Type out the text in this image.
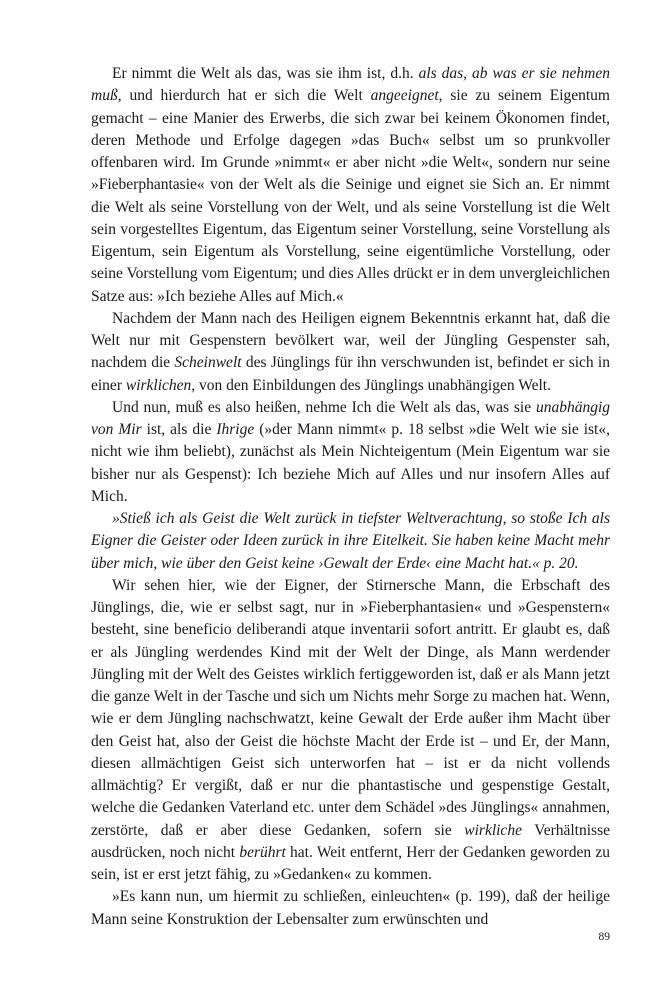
Er nimmt die Welt als das, was sie ihm ist, d.h. als das, ab was er sie nehmen muß, und hierdurch hat er sich die Welt angeeignet, sie zu seinem Eigentum gemacht – eine Manier des Erwerbs, die sich zwar bei keinem Ökonomen findet, deren Methode und Erfolge dagegen »das Buch« selbst um so prunkvoller offenbaren wird. Im Grunde »nimmt« er aber nicht »die Welt«, sondern nur seine »Fieberphantasie« von der Welt als die Seinige und eignet sie Sich an. Er nimmt die Welt als seine Vorstellung von der Welt, und als seine Vorstellung ist die Welt sein vorgestelltes Eigentum, das Eigentum seiner Vorstellung, seine Vorstellung als Eigentum, sein Eigentum als Vorstellung, seine eigentümliche Vorstellung, oder seine Vorstellung vom Eigentum; und dies Alles drückt er in dem unvergleichlichen Satze aus: »Ich beziehe Alles auf Mich.«

Nachdem der Mann nach des Heiligen eignem Bekenntnis erkannt hat, daß die Welt nur mit Gespenstern bevölkert war, weil der Jüngling Gespenster sah, nachdem die Scheinwelt des Jünglings für ihn verschwunden ist, befindet er sich in einer wirklichen, von den Einbildungen des Jünglings unabhängigen Welt.

Und nun, muß es also heißen, nehme Ich die Welt als das, was sie unabhängig von Mir ist, als die Ihrige (»der Mann nimmt« p. 18 selbst »die Welt wie sie ist«, nicht wie ihm beliebt), zunächst als Mein Nichteigentum (Mein Eigentum war sie bisher nur als Gespenst): Ich beziehe Mich auf Alles und nur insofern Alles auf Mich.

»Stieß ich als Geist die Welt zurück in tiefster Weltverachtung, so stoße Ich als Eigner die Geister oder Ideen zurück in ihre Eitelkeit. Sie haben keine Macht mehr über mich, wie über den Geist keine ›Gewalt der Erde‹ eine Macht hat.« p. 20.

Wir sehen hier, wie der Eigner, der Stirnersche Mann, die Erbschaft des Jünglings, die, wie er selbst sagt, nur in »Fieberphantasien« und »Gespenstern« besteht, sine beneficio deliberandi atque inventarii sofort antritt. Er glaubt es, daß er als Jüngling werdendes Kind mit der Welt der Dinge, als Mann werdender Jüngling mit der Welt des Geistes wirklich fertiggeworden ist, daß er als Mann jetzt die ganze Welt in der Tasche und sich um Nichts mehr Sorge zu machen hat. Wenn, wie er dem Jüngling nachschwatzt, keine Gewalt der Erde außer ihm Macht über den Geist hat, also der Geist die höchste Macht der Erde ist – und Er, der Mann, diesen allmächtigen Geist sich unterworfen hat – ist er da nicht vollends allmächtig? Er vergißt, daß er nur die phantastische und gespenstige Gestalt, welche die Gedanken Vaterland etc. unter dem Schädel »des Jünglings« annahmen, zerstörte, daß er aber diese Gedanken, sofern sie wirkliche Verhältnisse ausdrücken, noch nicht berührt hat. Weit entfernt, Herr der Gedanken geworden zu sein, ist er erst jetzt fähig, zu »Gedanken« zu kommen.

»Es kann nun, um hiermit zu schließen, einleuchten« (p. 199), daß der heilige Mann seine Konstruktion der Lebensalter zum erwünschten und

89
